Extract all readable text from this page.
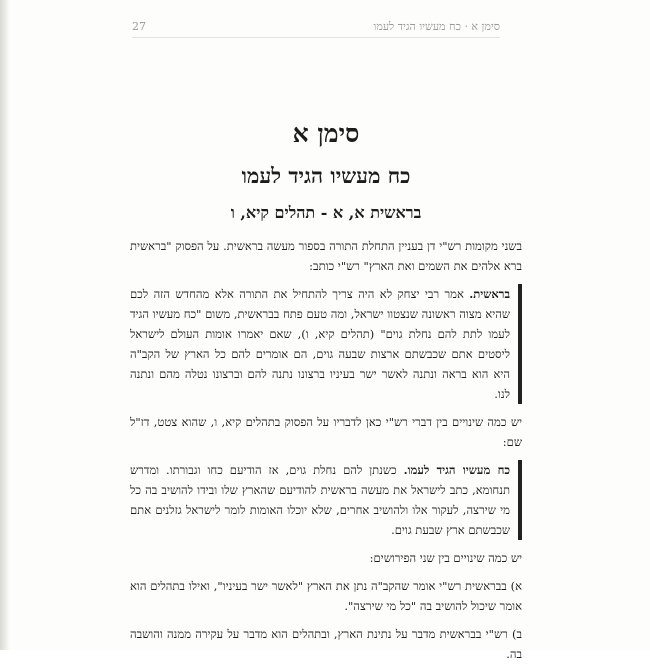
סימן א · כח מעשיו הגיד לעמו
27
סימן א
כח מעשיו הגיד לעמו
בראשית א, א - תהלים קיא, ו

בשני מקומות רש"י דן בעניין התחלת התורה בספור מעשה בראשית. על הפסוק "בראשית ברא אלהים את השמים ואת הארץ" רש"י כותב:

בראשית. אמר רבי יצחק לא היה צריך להתחיל את התורה אלא מהחדש הזה לכם שהיא מצוה ראשונה שנצטוו ישראל, ומה טעם פתח בבראשית, משום "כח מעשיו הגיד לעמו לתת להם נחלת גוים" (תהלים קיא, ו), שאם יאמרו אומות העולם לישראל ליסטים אתם שכבשתם ארצות שבעה גוים, הם אומרים להם כל הארץ של הקב"ה היא הוא בראה ונתנה לאשר ישר בעיניו ברצונו נתנה להם וברצונו נטלה מהם ונתנה לנו.

יש כמה שינויים בין דברי רש"י כאן לדבריו על הפסוק בתהלים קיא, ו, שהוא צטט, דז"ל שם:

כח מעשיו הגיד לעמו. כשנתן להם נחלת גוים, אז הודיעם כחו וגבורתו. ומדרש תנחומא, כתב לישראל את מעשה בראשית להודיעם שהארץ שלו ובידו להושיב בה כל מי שירצה, לעקור אלו ולהושיב אחרים, שלא יוכלו האומות לומר לישראל גזלנים אתם שכבשתם ארץ שבעת גוים.

יש כמה שינויים בין שני הפירושים:

א) בבראשית רש"י אומר שהקב"ה נתן את הארץ "לאשר ישר בעיניו", ואילו בתהלים הוא אומר שיכול להושיב בה "כל מי שירצה".

ב) רש"י בבראשית מדבר על נתינת הארץ, ובתהלים הוא מדבר על עקירה ממנה והושבה בה.
